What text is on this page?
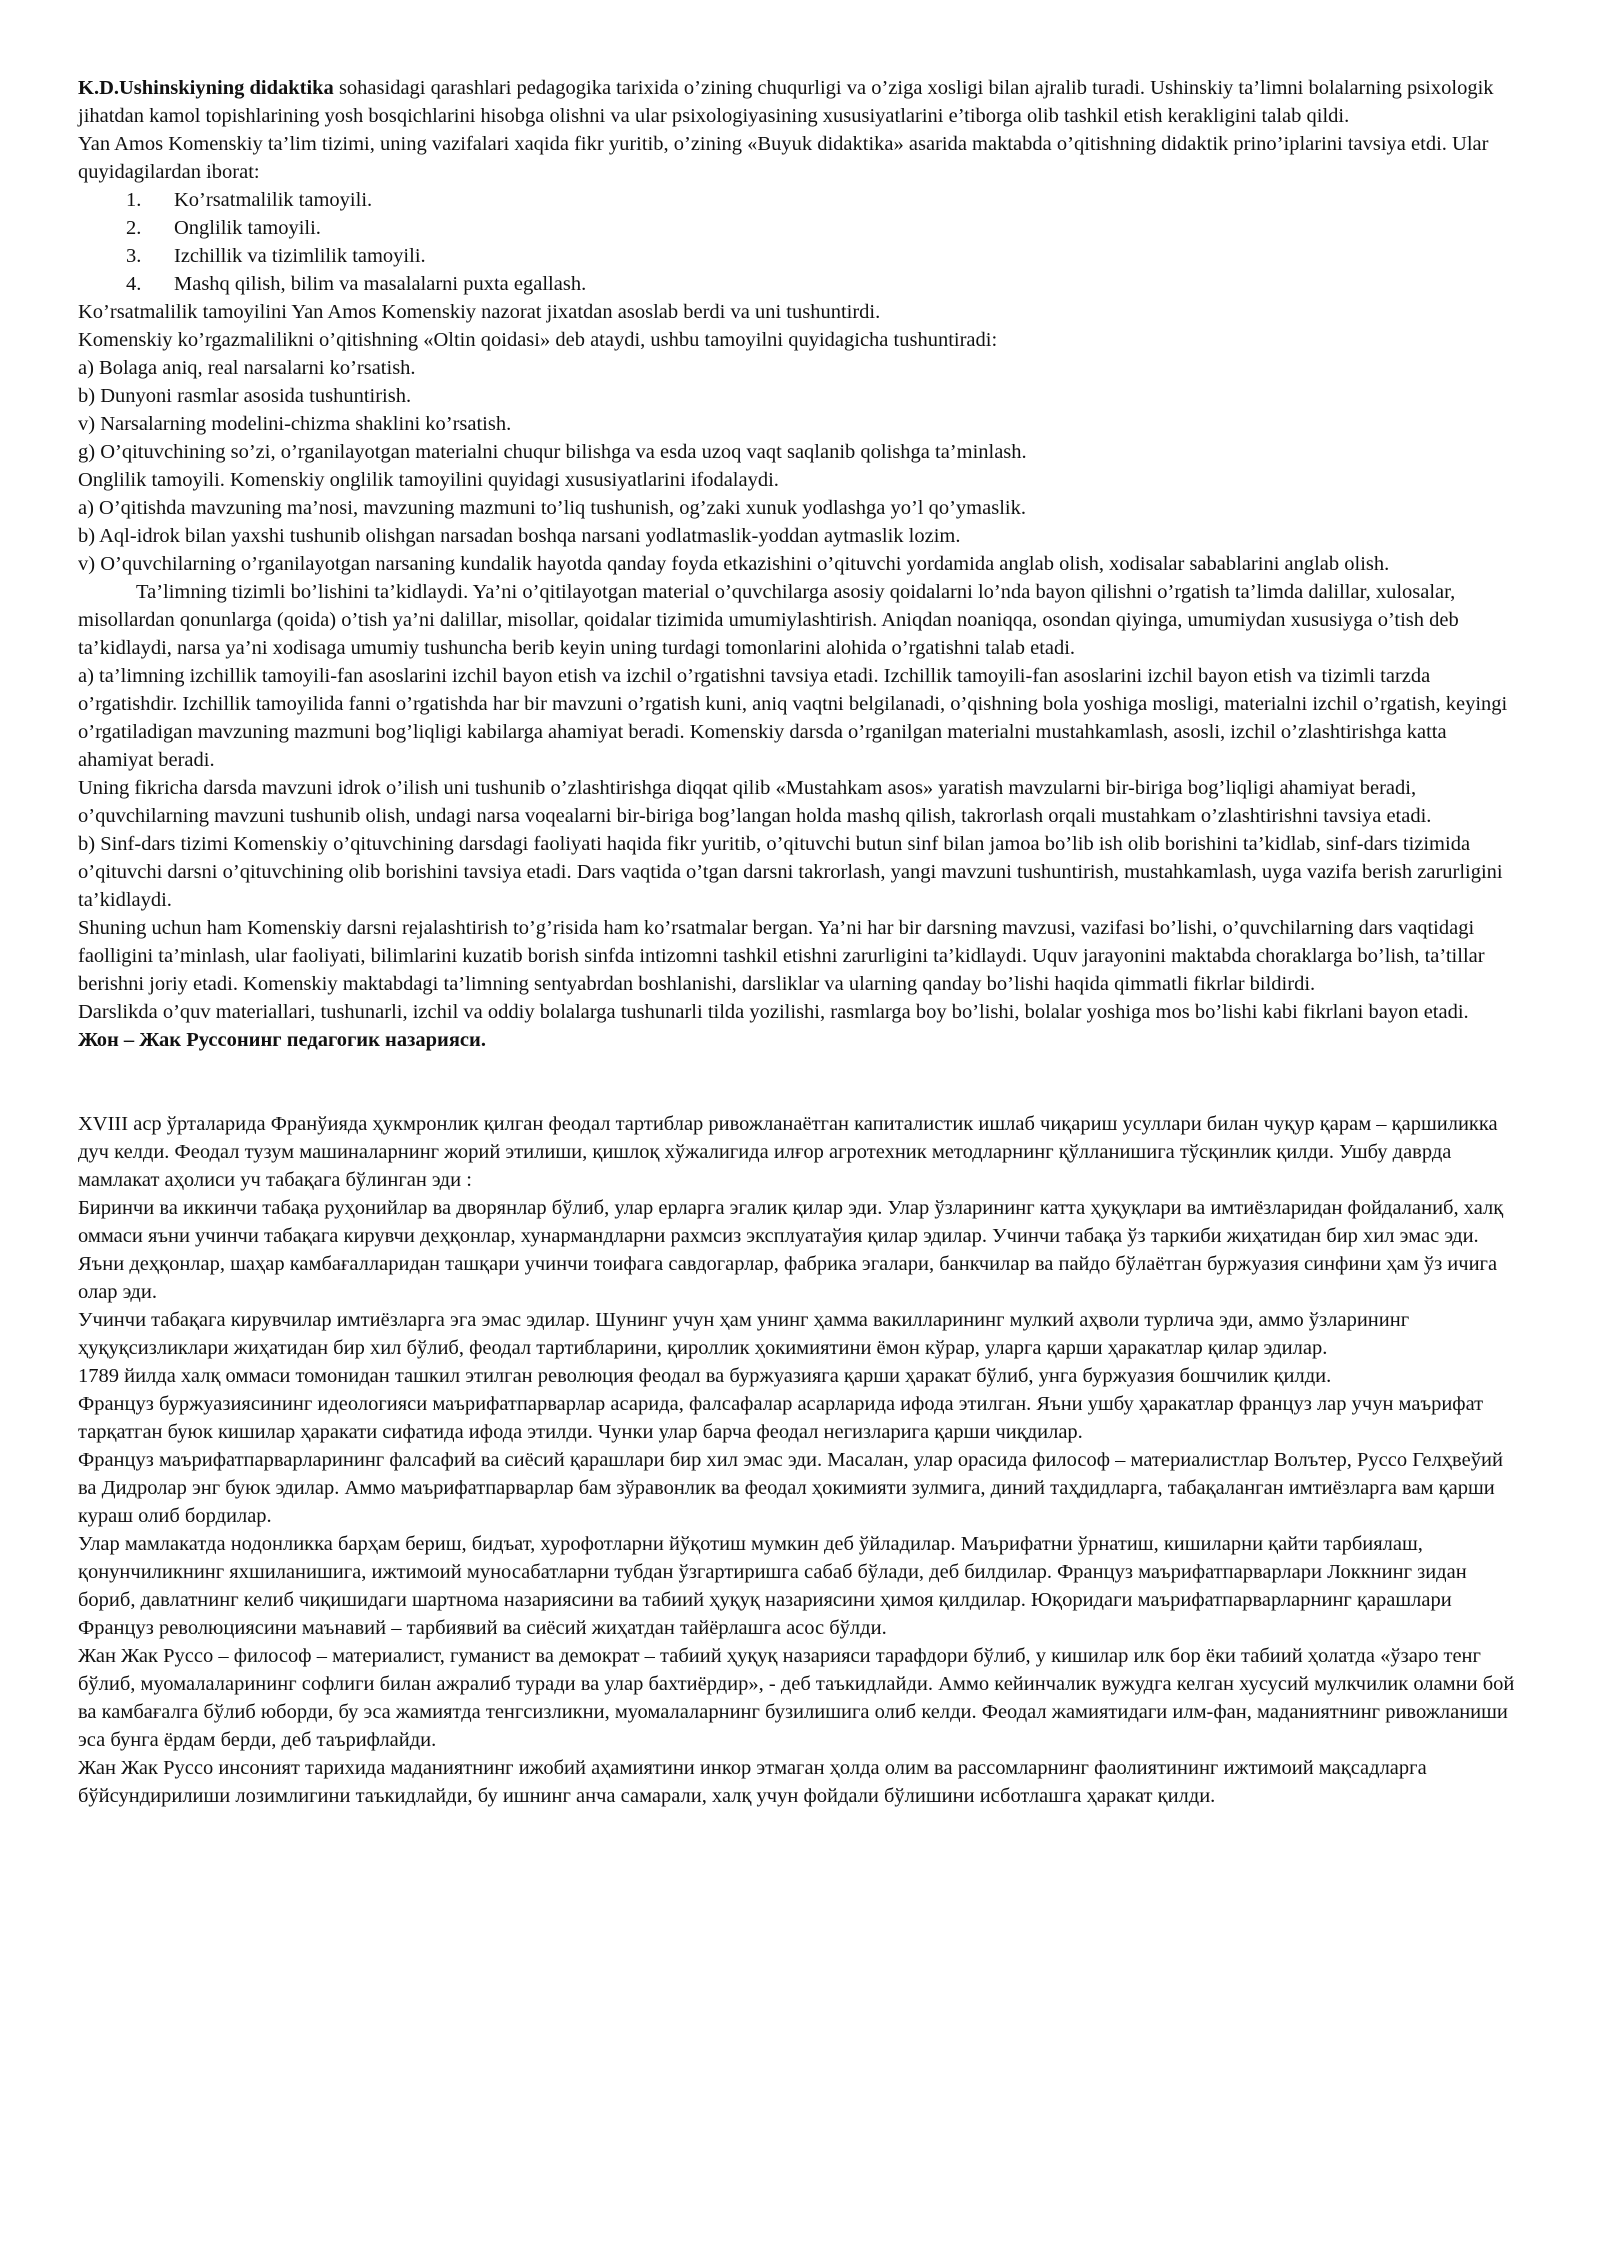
K.D.Ushinskiyning didaktika sohasidagi qarashlari pedagogika tarixida o’zining chuqurligi va o’ziga xosligi bilan ajralib turadi. Ushinskiy ta’limni bolalarning psixologik jihatdan kamol topishlarining yosh bosqichlarini hisobga olishni va ular psixologiyasining xususiyatlarini e’tiborga olib tashkil etish kerakligini talab qildi.

Yan Amos Komenskiy ta’lim tizimi, uning vazifalari xaqida fikr yuritib, o’zining «Buyuk didaktika» asarida maktabda o’qitishning didaktik prino’iplarini tavsiya etdi. Ular quyidagilardan iborat:

1.	Ko’rsatmalilik tamoyili.
2.	Onglilik tamoyili.
3.	Izchillik va tizimlilik tamoyili.
4.	Mashq qilish, bilim va masalalarni puxta egallash.

Ko’rsatmalilik tamoyilini Yan Amos Komenskiy nazorat jixatdan asoslab berdi va uni tushuntirdi.

Komenskiy ko’rgazmalilikni o’qitishning «Oltin qoidasi» deb ataydi, ushbu tamoyilni quyidagicha tushuntiradi:

a) Bolaga aniq, real narsalarni ko’rsatish.

b) Dunyoni rasmlar asosida tushuntirish.

v) Narsalarning modelini-chizma shaklini ko’rsatish.

g) O’qituvchining so’zi, o’rganilayotgan materialni chuqur bilishga va esda uzoq vaqt saqlanib qolishga ta’minlash.

Onglilik tamoyili. Komenskiy onglilik tamoyilini quyidagi xususiyatlarini ifodalaydi.

a) O’qitishda mavzuning ma’nosi, mavzuning mazmuni to’liq tushunish, og’zaki xunuk yodlashga yo’l qo’ymaslik.

b) Aql-idrok bilan yaxshi tushunib olishgan narsadan boshqa narsani yodlatmaslik-yoddan aytmaslik lozim.

v) O’quvchilarning o’rganilayotgan narsaning kundalik hayotda qanday foyda etkazishini o’qituvchi yordamida anglab olish, xodisalar sabablarini anglab olish.

Ta’limning tizimli bo’lishini ta’kidlaydi. Ya’ni o’qitilayotgan material o’quvchilarga asosiy qoidalarni lo’nda bayon qilishni o’rgatish ta’limda dalillar, xulosalar, misollardan qonunlarga (qoida) o’tish ya’ni dalillar, misollar, qoidalar tizimida umumiylashtirish. Aniqdan noaniqqa, osondan qiyinga, umumiydan xususiyga o’tish deb ta’kidlaydi, narsa ya’ni xodisaga umumiy tushuncha berib keyin uning turdagi tomonlarini alohida o’rgatishni talab etadi.

a) ta’limning izchillik tamoyili-fan asoslarini izchil bayon etish va izchil o’rgatishni tavsiya etadi. Izchillik tamoyili-fan asoslarini izchil bayon etish va tizimli tarzda o’rgatishdir. Izchillik tamoyilida fanni o’rgatishda har bir mavzuni o’rgatish kuni, aniq vaqtni belgilanadi, o’qishning bola yoshiga mosligi, materialni izchil o’rgatish, keyingi o’rgatiladigan mavzuning mazmuni bog’liqligi kabilarga ahamiyat beradi. Komenskiy darsda o’rganilgan materialni mustahkamlash, asosli, izchil o’zlashtirishga katta ahamiyat beradi.

Uning fikricha darsda mavzuni idrok o’ilish uni tushunib o’zlashtirishga diqqat qilib «Mustahkam asos» yaratish mavzularni bir-biriga bog’liqligi ahamiyat beradi, o’quvchilarning mavzuni tushunib olish, undagi narsa voqealarni bir-biriga bog’langan holda mashq qilish, takrorlash orqali mustahkam o’zlashtirishni tavsiya etadi.

b) Sinf-dars tizimi Komenskiy o’qituvchining darsdagi faoliyati haqida fikr yuritib, o’qituvchi butun sinf bilan jamoa bo’lib ish olib borishini ta’kidlab, sinf-dars tizimida o’qituvchi darsni o’qituvchining olib borishini tavsiya etadi. Dars vaqtida o’tgan darsni takrorlash, yangi mavzuni tushuntirish, mustahkamlash, uyga vazifa berish zarurligini ta’kidlaydi.

Shuning uchun ham Komenskiy darsni rejalashtirish to’g’risida ham ko’rsatmalar bergan. Ya’ni har bir darsning mavzusi, vazifasi bo’lishi, o’quvchilarning dars vaqtidagi faolligini ta’minlash, ular faoliyati, bilimlarini kuzatib borish sinfda intizomni tashkil etishni zarurligini ta’kidlaydi. Uquv jarayonini maktabda choraklarga bo’lish, ta’tillar berishni joriy etadi. Komenskiy maktabdagi ta’limning sentyabrdan boshlanishi, darsliklar va ularning qanday bo’lishi haqida qimmatli fikrlar bildirdi.

Darslikda o’quv materiallari, tushunarli, izchil va oddiy bolalarga tushunarli tilda yozilishi, rasmlarga boy bo’lishi, bolalar yoshiga mos bo’lishi kabi fikrlani bayon etadi.

Жон – Жак Руссонинг педагогик назарияси.

XVIII аср ўрталарида Франўияда ҳукмронлик қилган феодал тартиблар ривожланаётган капиталистик ишлаб чиқариш усуллари билан чуқур қарам – қаршиликка дуч келди. Феодал тузум машиналарнинг жорий этилиши, қишлоқ хўжалигида илғор агротехник методларнинг қўлланишига тўсқинлик қилди. Ушбу даврда мамлакат аҳолиси уч табақага бўлинган эди :

Биринчи ва иккинчи табақа руҳонийлар ва дворянлар бўлиб, улар ерларга эгалик қилар эди. Улар ўзларининг катта ҳуқуқлари ва имтиёзларидан фойдаланиб, халқ оммаси яъни учинчи табақага кирувчи деҳқонлар, хунармандларни рахмсиз эксплуатаўия қилар эдилар. Учинчи табақа ўз таркиби жиҳатидан бир хил эмас эди. Яъни деҳқонлар, шаҳар камбағалларидан ташқари учинчи тоифага савдогарлар, фабрика эгалари, банкчилар ва пайдо бўлаётган буржуазия синфини ҳам ўз ичига олар эди.

Учинчи табақага кирувчилар имтиёзларга эга эмас эдилар. Шунинг учун ҳам унинг ҳамма вакилларининг мулкий аҳволи турлича эди, аммо ўзларининг ҳуқуқсизликлари жиҳатидан бир хил бўлиб, феодал тартибларини, қироллик ҳокимиятини ёмон кўрар, уларга қарши ҳаракатлар қилар эдилар.

1789 йилда халқ оммаси томонидан ташкил этилган революция феодал ва буржуазияга қарши ҳаракат бўлиб, унга буржуазия бошчилик қилди.

Француз буржуазиясининг идеологияси маърифатпарварлар асарида, фалсафалар асарларида ифода этилган. Яъни ушбу ҳаракатлар француз лар учун маърифат тарқатган буюк кишилар ҳаракати сифатида ифода этилди. Чунки улар барча феодал негизларига қарши чиқдилар.

Француз маърифатпарварларининг фалсафий ва сиёсий қарашлари бир хил эмас эди. Масалан, улар орасида философ – материалистлар Волътер, Руссо Гелҳвеўий ва Дидролар энг буюк эдилар. Аммо маърифатпарварлар бам зўравонлик ва феодал ҳокимияти зулмига, диний таҳдидларга, табақаланган имтиёзларга вам қарши кураш олиб бордилар.

Улар мамлакатда нодонликка барҳам бериш, бидъат, хурофотларни йўқотиш мумкин деб ўйладилар. Маърифатни ўрнатиш, кишиларни қайти тарбиялаш, қонунчиликнинг яхшиланишига, ижтимоий муносабатларни тубдан ўзгартиришга сабаб бўлади, деб билдилар. Француз маърифатпарварлари Локкнинг зидан бориб, давлатнинг келиб чиқишидаги шартнома назариясини ва табиий ҳуқуқ назариясини ҳимоя қилдилар. Юқоридаги маърифатпарварларнинг қарашлари Француз революциясини маънавий – тарбиявий ва сиёсий жиҳатдан тайёрлашга асос бўлди.

Жан Жак Руссо – философ – материалист, гуманист ва демократ – табиий ҳуқуқ назарияси тарафдори бўлиб, у кишилар илк бор ёки табиий ҳолатда «ўзаро тенг бўлиб, муомалаларининг софлиги билан ажралиб туради ва улар бахтиёрдир», - деб таъкидлайди. Аммо кейинчалик вужудга келган хусусий мулкчилик оламни бой ва камбағалга бўлиб юборди, бу эса жамиятда тенгсизликни, муомалаларнинг бузилишига олиб келди. Феодал жамиятидаги илм-фан, маданиятнинг ривожланиши эса бунга ёрдам берди, деб таърифлайди.

Жан Жак Руссо инсоният тарихида маданиятнинг ижобий аҳамиятини инкор этмаган ҳолда олим ва рассомларнинг фаолиятининг ижтимоий мақсадларга бўйсундирилиши лозимлигини таъкидлайди, бу ишнинг анча самарали, халқ учун фойдали бўлишини исботлашга ҳаракат қилди.
